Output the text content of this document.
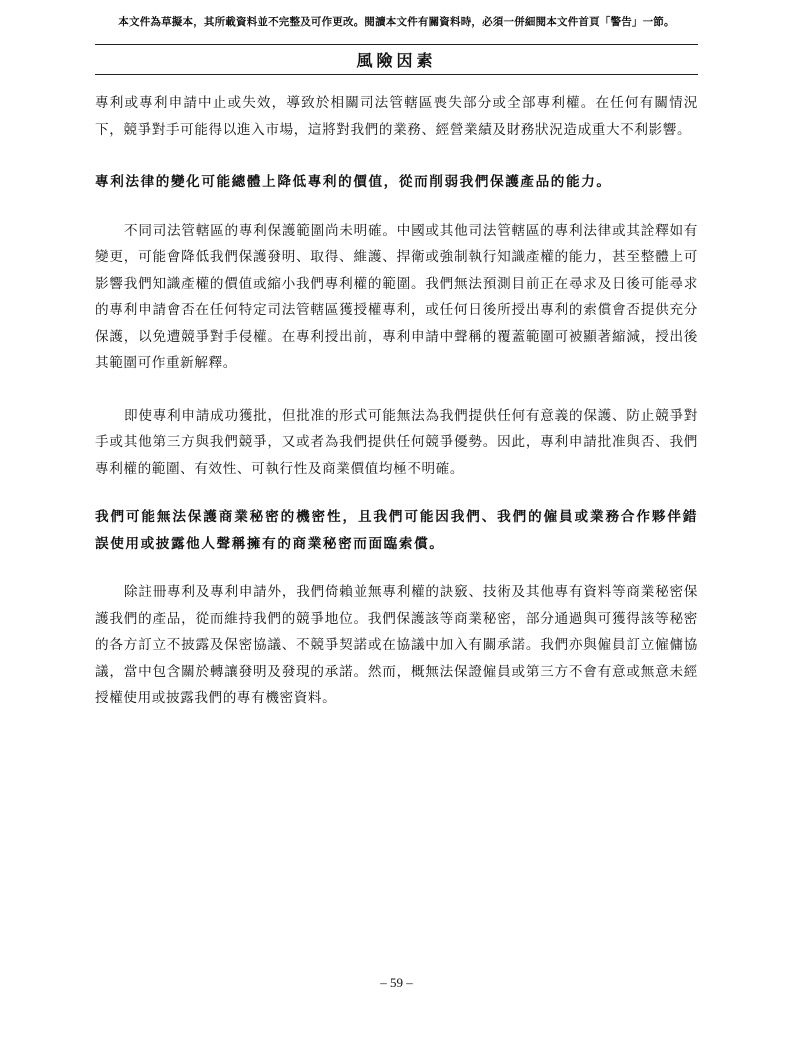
本文件為草擬本，其所載資料並不完整及可作更改。閱讀本文件有關資料時，必須一併細閱本文件首頁「警告」一節。
風險因素

專利或專利申請中止或失效，導致於相關司法管轄區喪失部分或全部專利權。在任何有關情況下，競爭對手可能得以進入市場，這將對我們的業務、經營業績及財務狀況造成重大不利影響。

專利法律的變化可能總體上降低專利的價值，從而削弱我們保護產品的能力。

不同司法管轄區的專利保護範圍尚未明確。中國或其他司法管轄區的專利法律或其詮釋如有變更，可能會降低我們保護發明、取得、維護、捍衛或強制執行知識產權的能力，甚至整體上可影響我們知識產權的價值或縮小我們專利權的範圍。我們無法預測目前正在尋求及日後可能尋求的專利申請會否在任何特定司法管轄區獲授權專利，或任何日後所授出專利的索償會否提供充分保護，以免遭競爭對手侵權。在專利授出前，專利申請中聲稱的覆蓋範圍可被顯著縮減，授出後其範圍可作重新解釋。

即使專利申請成功獲批，但批准的形式可能無法為我們提供任何有意義的保護、防止競爭對手或其他第三方與我們競爭，又或者為我們提供任何競爭優勢。因此，專利申請批准與否、我們專利權的範圍、有效性、可執行性及商業價值均極不明確。

我們可能無法保護商業秘密的機密性，且我們可能因我們、我們的僱員或業務合作夥伴錯誤使用或披露他人聲稱擁有的商業秘密而面臨索償。

除註冊專利及專利申請外，我們倚賴並無專利權的訣竅、技術及其他專有資料等商業秘密保護我們的產品，從而維持我們的競爭地位。我們保護該等商業秘密，部分通過與可獲得該等秘密的各方訂立不披露及保密協議、不競爭契諾或在協議中加入有關承諾。我們亦與僱員訂立僱傭協議，當中包含關於轉讓發明及發現的承諾。然而，概無法保證僱員或第三方不會有意或無意未經授權使用或披露我們的專有機密資料。

– 59 –
